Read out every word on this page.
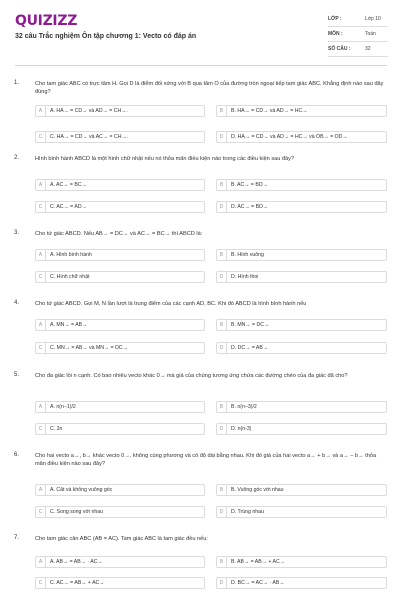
QUIZIZZ
32 câu Trắc nghiệm Ôn tập chương 1: Vecto có đáp án
LỚP :	Lớp 10
MÔN :	Toán
SỐ CÂU :	32
1.	Cho tam giác ABC có trực tâm H. Gọi D là điểm đối xứng với B qua tâm O của đường tròn ngoại tiếp tam giác ABC. Khẳng định nào sau đây đúng?
A	A. HA→ = CD→ và AD→ = CH→.	B	B. HA→ = CD→ và AD→ = HC→
C	C. HA→ = CD→ và AC→ = CH→.	D	D. HA→ = CD→ và AD→ = HC→ và OB→ = OD→
2.	Hình bình hành ABCD là một hình chữ nhật nếu nó thỏa mãn điều kiện nào trong các điều kiện sau đây?
A	A. AC→ = BC→	B	B. AC→ = BD→
C	C. AC→ = AD→	D	D. AC→ = BD→
3.	Cho tứ giác ABCD. Nếu AB→ = DC→ và AC→ = BC→ thì ABCD là:
A	A. Hình bình hành	B	B. Hình vuông
C	C. Hình chữ nhật	D	D. Hình thoi
4.	Cho tứ giác ABCD. Gọi M, N lần lượt là trung điểm của các cạnh AD, BC. Khi đó ABCD là hình bình hành nếu
A	A. MN→ = AB→	B	B. MN→ = DC→
C	C. MN→ = AB→ và MN→ = DC→	D	D. DC→ = AB→
5.	Cho đa giác lồi n cạnh. Có bao nhiêu vecto khác 0→ mà giá của chúng tương ứng chứa các đường chéo của đa giác đã cho?
A	A. n(n−1)/2	B	B. n(n−3)/2
C	C. 2n	D	D. n(n-3)
6.	Cho hai vecto a→, b→ khác vecto 0→, không cùng phương và có độ dài bằng nhau. Khi đó giá của hai vecto a→ + b→ và a→ − b→ thỏa mãn điều kiện nào sau đây?
A	A. Cắt và không vuông góc	B	B. Vuông góc với nhau
C	C. Song song với nhau	D	D. Trùng nhau
7.	Cho tam giác cân ABC (AB = AC). Tam giác ABC là tam giác đều nếu:
A	A. AB→ = AB→ · AC→	B	B. AB→ = AB→ + AC→
C	C. AC→ = AB→ + AC→	D	D. BC→ = AC→ · AB→
